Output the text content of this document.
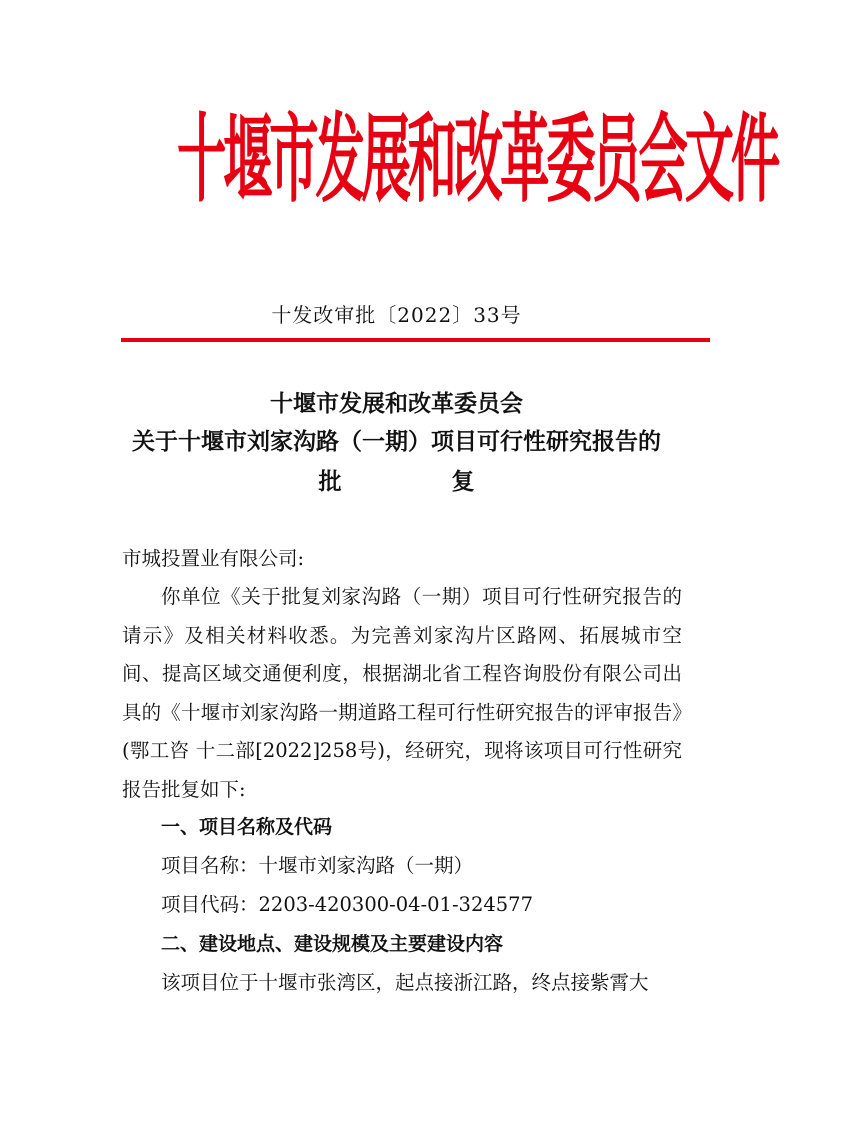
十堰市发展和改革委员会文件
十发改审批〔2022〕33号
十堰市发展和改革委员会
关于十堰市刘家沟路（一期）项目可行性研究报告的
批	复
市城投置业有限公司:
你单位《关于批复刘家沟路（一期）项目可行性研究报告的请示》及相关材料收悉。为完善刘家沟片区路网、拓展城市空间、提高区域交通便利度，根据湖北省工程咨询股份有限公司出具的《十堰市刘家沟路一期道路工程可行性研究报告的评审报告》(鄂工咨 十二部[2022]258号)，经研究，现将该项目可行性研究报告批复如下:
一、项目名称及代码
项目名称：十堰市刘家沟路（一期）
项目代码：2203-420300-04-01-324577
二、建设地点、建设规模及主要建设内容
该项目位于十堰市张湾区，起点接浙江路，终点接紫霄大
